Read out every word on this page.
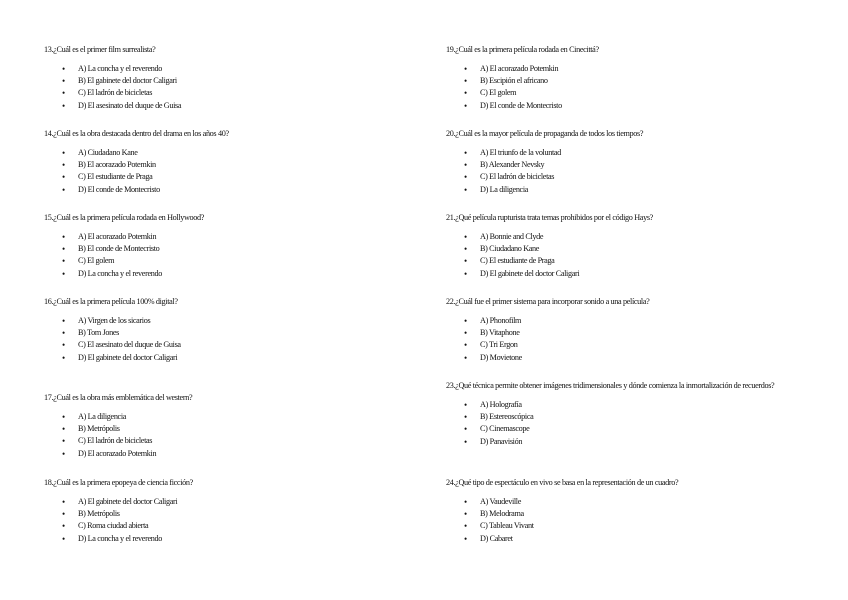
13.¿Cuál es el primer film surrealista?

• A) La concha y el reverendo
• B) El gabinete del doctor Caligari
• C) El ladrón de bicicletas
• D) El asesinato del duque de Guisa

14.¿Cuál es la obra destacada dentro del drama en los años 40?

• A) Ciudadano Kane
• B) El acorazado Potemkin
• C) El estudiante de Praga
• D) El conde de Montecristo

15.¿Cuál es la primera película rodada en Hollywood?

• A) El acorazado Potemkin
• B) El conde de Montecristo
• C) El golem
• D) La concha y el reverendo

16.¿Cuál es la primera película 100% digital?

• A) Virgen de los sicarios
• B) Tom Jones
• C) El asesinato del duque de Guisa
• D) El gabinete del doctor Caligari

17.¿Cuál es la obra más emblemática del western?

• A) La diligencia
• B) Metrópolis
• C) El ladrón de bicicletas
• D) El acorazado Potemkin

18.¿Cuál es la primera epopeya de ciencia ficción?

• A) El gabinete del doctor Caligari
• B) Metrópolis
• C) Roma ciudad abierta
• D) La concha y el reverendo

19.¿Cuál es la primera película rodada en Cinecittá?

• A) El acorazado Potemkin
• B) Escipión el africano
• C) El golem
• D) El conde de Montecristo

20.¿Cuál es la mayor película de propaganda de todos los tiempos?

• A) El triunfo de la voluntad
• B) Alexander Nevsky
• C) El ladrón de bicicletas
• D) La diligencia

21.¿Qué película rupturista trata temas prohibidos por el código Hays?

• A) Bonnie and Clyde
• B) Ciudadano Kane
• C) El estudiante de Praga
• D) El gabinete del doctor Caligari

22.¿Cuál fue el primer sistema para incorporar sonido a una película?

• A) Phonofilm
• B) Vitaphone
• C) Tri Ergon
• D) Movietone

23.¿Qué técnica permite obtener imágenes tridimensionales y dónde comienza la inmortalización de recuerdos?

• A) Holografía
• B) Estereoscópica
• C) Cinemascope
• D) Panavisión

24.¿Qué tipo de espectáculo en vivo se basa en la representación de un cuadro?

• A) Vaudeville
• B) Melodrama
• C) Tableau Vivant
• D) Cabaret
